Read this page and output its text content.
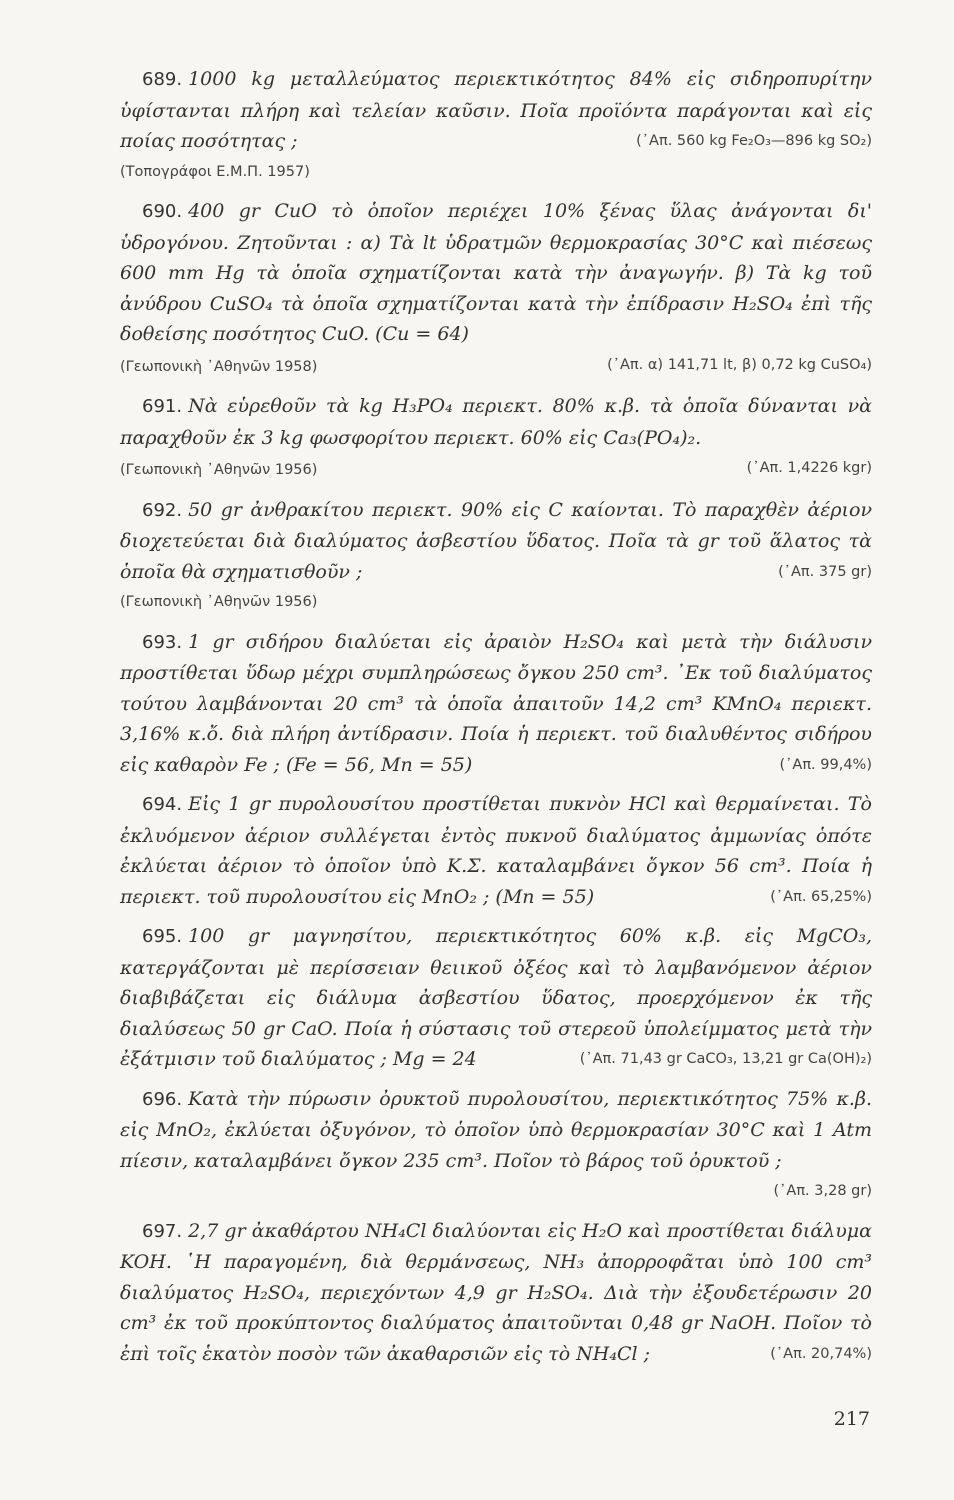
689. 1000 kg μεταλλεύματος περιεκτικότητος 84% εἰς σιδηροπυρίτην ὑφίστανται πλήρη καὶ τελείαν καῦσιν. Ποῖα προϊόντα παράγονται καὶ εἰς ποίας ποσότητας ;	(᾿Απ. 560 kg Fe₂O₃—896 kg SO₂)
(Τοπογράφοι Ε.Μ.Π. 1957)
690. 400 gr CuO τὸ ὁποῖον περιέχει 10% ξένας ὕλας ἀνάγονται δι' ὑδρογόνου. Ζητοῦνται : α) Τὰ lt ὑδρατμῶν θερμοκρασίας 30°C καὶ πιέσεως 600 mm Hg τὰ ὁποῖα σχηματίζονται κατὰ τὴν ἀναγωγήν. β) Τὰ kg τοῦ ἀνύδρου CuSO₄ τὰ ὁποῖα σχηματίζονται κατὰ τὴν ἐπίδρασιν H₂SO₄ ἐπὶ τῆς δοθείσης ποσότητος CuO. (Cu = 64)
(Γεωπονικὴ ᾿Αθηνῶν 1958)	(᾿Απ. α) 141,71 lt, β) 0,72 kg CuSO₄)
691. Νὰ εὑρεθοῦν τὰ kg H₃PO₄ περιεκτ. 80% κ.β. τὰ ὁποῖα δύνανται νὰ παραχθοῦν ἐκ 3 kg φωσφορίτου περιεκτ. 60% εἰς Ca₃(PO₄)₂.
(Γεωπονικὴ ᾿Αθηνῶν 1956)	(᾿Απ. 1,4226 kgr)
692. 50 gr ἀνθρακίτου περιεκτ. 90% εἰς C καίονται. Τὸ παραχθὲν ἀέριον διοχετεύεται διὰ διαλύματος ἀσβεστίου ὕδατος. Ποῖα τὰ gr τοῦ ἅλατος τὰ ὁποῖα θὰ σχηματισθοῦν ;	(᾿Απ. 375 gr)
(Γεωπονικὴ ᾿Αθηνῶν 1956)
693. 1 gr σιδήρου διαλύεται εἰς ἀραιὸν H₂SO₄ καὶ μετὰ τὴν διάλυσιν προστίθεται ὕδωρ μέχρι συμπληρώσεως ὄγκου 250 cm³. ᾿Εκ τοῦ διαλύματος τούτου λαμβάνονται 20 cm³ τὰ ὁποῖα ἀπαιτοῦν 14,2 cm³ KMnO₄ περιεκτ. 3,16% κ.ὄ. διὰ πλήρη ἀντίδρασιν. Ποία ἡ περιεκτ. τοῦ διαλυθέντος σιδήρου εἰς καθαρὸν Fe ; (Fe = 56, Mn = 55)	(᾿Απ. 99,4%)
694. Εἰς 1 gr πυρολουσίτου προστίθεται πυκνὸν HCl καὶ θερμαίνεται. Τὸ ἐκλυόμενον ἀέριον συλλέγεται ἐντὸς πυκνοῦ διαλύματος ἀμμωνίας ὁπότε ἐκλύεται ἀέριον τὸ ὁποῖον ὑπὸ Κ.Σ. καταλαμβάνει ὄγκον 56 cm³. Ποία ἡ περιεκτ. τοῦ πυρολουσίτου εἰς MnO₂ ; (Mn = 55)	(᾿Απ. 65,25%)
695. 100 gr μαγνησίτου, περιεκτικότητος 60% κ.β. εἰς MgCO₃, κατεργάζονται μὲ περίσσειαν θειικοῦ ὀξέος καὶ τὸ λαμβανόμενον ἀέριον διαβιβάζεται εἰς διάλυμα ἀσβεστίου ὕδατος, προερχόμενον ἐκ τῆς διαλύσεως 50 gr CaO. Ποία ἡ σύστασις τοῦ στερεοῦ ὑπολείμματος μετὰ τὴν ἐξάτμισιν τοῦ διαλύματος ; Mg = 24	(᾿Απ. 71,43 gr CaCO₃, 13,21 gr Ca(OH)₂)
696. Κατὰ τὴν πύρωσιν ὀρυκτοῦ πυρολουσίτου, περιεκτικότητος 75% κ.β. εἰς MnO₂, ἐκλύεται ὀξυγόνον, τὸ ὁποῖον ὑπὸ θερμοκρασίαν 30°C καὶ 1 Atm πίεσιν, καταλαμβάνει ὄγκον 235 cm³. Ποῖον τὸ βάρος τοῦ ὀρυκτοῦ ;
(᾿Απ. 3,28 gr)
697. 2,7 gr ἀκαθάρτου NH₄Cl διαλύονται εἰς H₂O καὶ προστίθεται διάλυμα KOH. ῾Η παραγομένη, διὰ θερμάνσεως, NH₃ ἀπορροφᾶται ὑπὸ 100 cm³ διαλύματος H₂SO₄, περιεχόντων 4,9 gr H₂SO₄. Διὰ τὴν ἐξουδετέρωσιν 20 cm³ ἐκ τοῦ προκύπτοντος διαλύματος ἀπαιτοῦνται 0,48 gr NaOH. Ποῖον τὸ ἐπὶ τοῖς ἑκατὸν ποσὸν τῶν ἀκαθαρσιῶν εἰς τὸ NH₄Cl ;	(᾿Απ. 20,74%)
217
